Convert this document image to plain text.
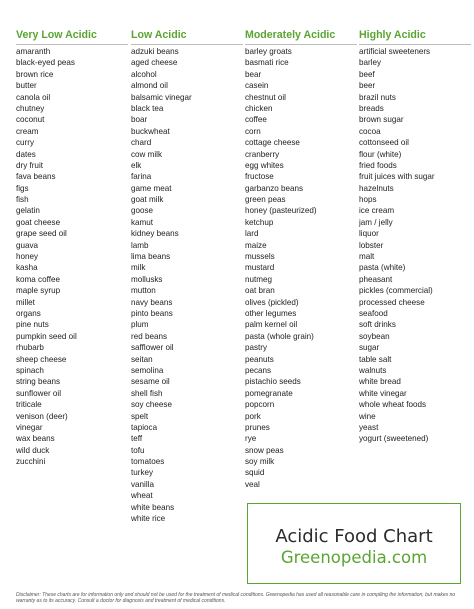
Very Low Acidic
amaranth
black-eyed peas
brown rice
butter
canola oil
chutney
coconut
cream
curry
dates
dry fruit
fava beans
figs
fish
gelatin
goat cheese
grape seed oil
guava
honey
kasha
koma coffee
maple syrup
millet
organs
pine nuts
pumpkin seed oil
rhubarb
sheep cheese
spinach
string beans
sunflower oil
triticale
venison (deer)
vinegar
wax beans
wild duck
zucchini
Low Acidic
adzuki beans
aged cheese
alcohol
almond oil
balsamic vinegar
black tea
boar
buckwheat
chard
cow milk
elk
farina
game meat
goat milk
goose
kamut
kidney beans
lamb
lima beans
milk
mollusks
mutton
navy beans
pinto beans
plum
red beans
safflower oil
seitan
semolina
sesame oil
shell fish
soy cheese
spelt
tapioca
teff
tofu
tomatoes
turkey
vanilla
wheat
white beans
white rice
Moderately Acidic
barley groats
basmati rice
bear
casein
chestnut oil
chicken
coffee
corn
cottage cheese
cranberry
egg whites
fructose
garbanzo beans
green peas
honey (pasteurized)
ketchup
lard
maize
mussels
mustard
nutmeg
oat bran
olives (pickled)
other legumes
palm kernel oil
pasta (whole grain)
pastry
peanuts
pecans
pistachio seeds
pomegranate
popcorn
pork
prunes
rye
snow peas
soy milk
squid
veal
Highly Acidic
artificial sweeteners
barley
beef
beer
brazil nuts
breads
brown sugar
cocoa
cottonseed oil
flour (white)
fried foods
fruit juices with sugar
hazelnuts
hops
ice cream
jam / jelly
liquor
lobster
malt
pasta (white)
pheasant
pickles (commercial)
processed cheese
seafood
soft drinks
soybean
sugar
table salt
walnuts
white bread
white vinegar
whole wheat foods
wine
yeast
yogurt (sweetened)
Acidic Food Chart
Greenopedia.com
Disclaimer: These charts are for information only and should not be used for the treatment of medical conditions. Greenopedia has used all reasonable care in compiling the information, but makes no warranty as to its accuracy. Consult a doctor for diagnosis and treatment of medical conditions.
